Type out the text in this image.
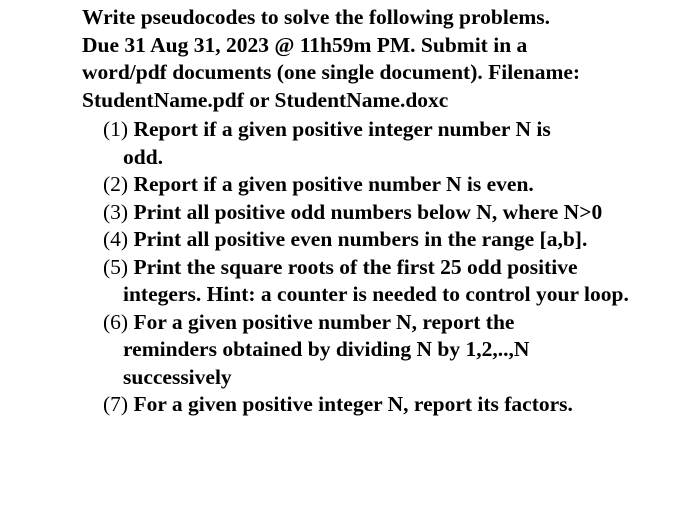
Write pseudocodes to solve the following problems.
Due 31 Aug 31, 2023 @ 11h59m PM. Submit in a
word/pdf documents (one single document). Filename:
StudentName.pdf or StudentName.doxc

(1) Report if a given positive integer number N is odd.
(2) Report if a given positive number N is even.
(3) Print all positive odd numbers below N, where N>0
(4) Print all positive even numbers in the range [a,b].
(5) Print the square roots of the first 25 odd positive integers. Hint: a counter is needed to control your loop.
(6) For a given positive number N, report the reminders obtained by dividing N by 1,2,..,N successively
(7) For a given positive integer N, report its factors.
